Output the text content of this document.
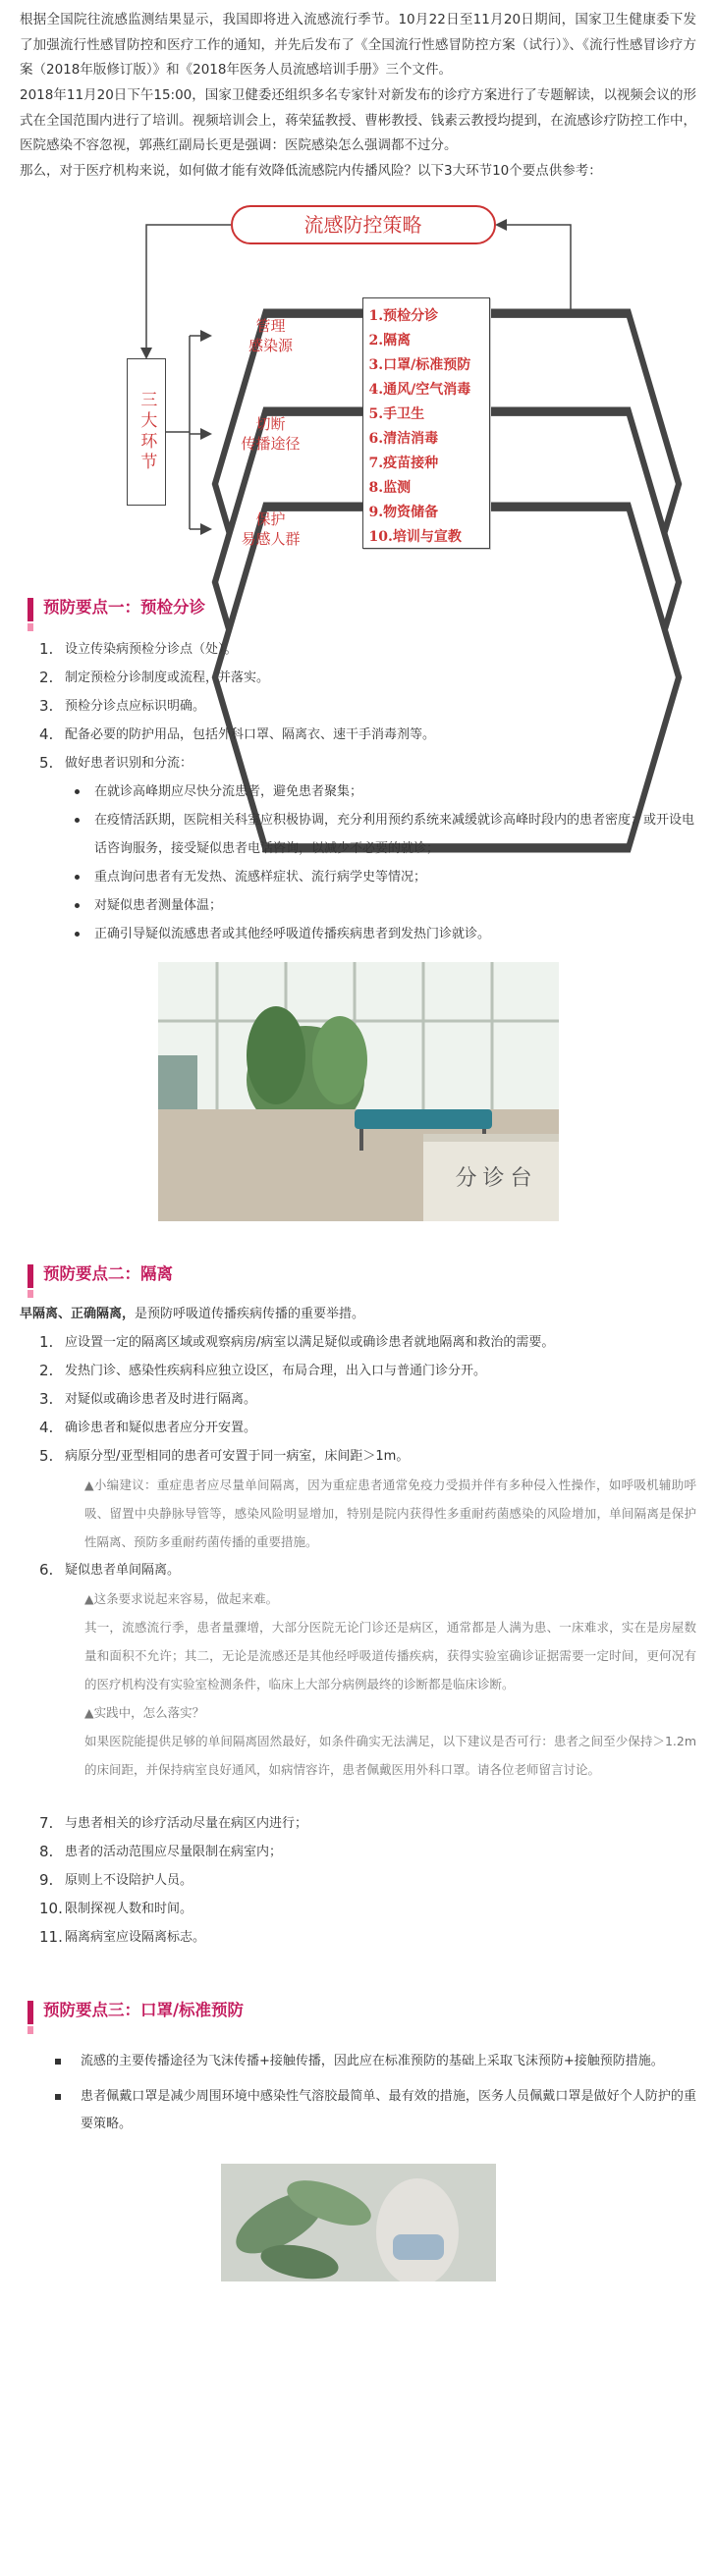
根据全国院往流感监测结果显示，我国即将进入流感流行季节。10月22日至11月20日期间，国家卫生健康委下发了加强流行性感冒防控和医疗工作的通知，并先后发布了《全国流行性感冒防控方案（试行）》、《流行性感冒诊疗方案（2018年版修订版）》和《2018年医务人员流感培训手册》三个文件。

2018年11月20日下午15:00，国家卫健委还组织多名专家针对新发布的诊疗方案进行了专题解读，以视频会议的形式在全国范围内进行了培训。视频培训会上，蒋荣猛教授、曹彬教授、钱素云教授均提到，在流感诊疗防控工作中，医院感染不容忽视，郭燕红副局长更是强调：医院感染怎么强调都不过分。

那么，对于医疗机构来说，如何做才能有效降低流感院内传播风险？以下3大环节10个要点供参考：

流感防控策略
三大环节
管理
感染源
切断
传播途径
保护
易感人群
1.预检分诊
2.隔离
3.口罩/标准预防
4.通风/空气消毒
5.手卫生
6.清洁消毒
7.疫苗接种
8.监测
9.物资储备
10.培训与宣教
预防要点一：预检分诊
1. 设立传染病预检分诊点（处）。
2. 制定预检分诊制度或流程，并落实。
3. 预检分诊点应标识明确。
4. 配备必要的防护用品，包括外科口罩、隔离衣、速干手消毒剂等。
5. 做好患者识别和分流：
在就诊高峰期应尽快分流患者，避免患者聚集；
在疫情活跃期，医院相关科室应积极协调，充分利用预约系统来减缓就诊高峰时段内的患者密度；或开设电话咨询服务，接受疑似患者电话咨询，以减少不必要的就诊；
重点询问患者有无发热、流感样症状、流行病学史等情况；
对疑似患者测量体温；
正确引导疑似流感患者或其他经呼吸道传播疾病患者到发热门诊就诊。
分诊台
预防要点二：隔离

早隔离、正确隔离，是预防呼吸道传播疾病传播的重要举措。

1. 应设置一定的隔离区域或观察病房/病室以满足疑似或确诊患者就地隔离和救治的需要。
2. 发热门诊、感染性疾病科应独立设区，布局合理，出入口与普通门诊分开。
3. 对疑似或确诊患者及时进行隔离。
4. 确诊患者和疑似患者应分开安置。
5. 病原分型/亚型相同的患者可安置于同一病室，床间距＞1m。

▲小编建议：重症患者应尽量单间隔离，因为重症患者通常免疫力受损并伴有多种侵入性操作，如呼吸机辅助呼吸、留置中央静脉导管等，感染风险明显增加，特别是院内获得性多重耐药菌感染的风险增加，单间隔离是保护性隔离、预防多重耐药菌传播的重要措施。

6. 疑似患者单间隔离。

▲这条要求说起来容易，做起来难。

其一，流感流行季，患者量骤增，大部分医院无论门诊还是病区，通常都是人满为患、一床难求，实在是房屋数量和面积不允许；其二，无论是流感还是其他经呼吸道传播疾病，获得实验室确诊证据需要一定时间，更何况有的医疗机构没有实验室检测条件，临床上大部分病例最终的诊断都是临床诊断。

▲实践中，怎么落实？

如果医院能提供足够的单间隔离固然最好，如条件确实无法满足，以下建议是否可行：患者之间至少保持＞1.2m的床间距，并保持病室良好通风，如病情容许，患者佩戴医用外科口罩。请各位老师留言讨论。

7. 与患者相关的诊疗活动尽量在病区内进行；
8. 患者的活动范围应尽量限制在病室内；
9. 原则上不设陪护人员。
10. 限制探视人数和时间。
11. 隔离病室应设隔离标志。
预防要点三：口罩/标准预防
流感的主要传播途径为飞沫传播+接触传播，因此应在标准预防的基础上采取飞沫预防+接触预防措施。
患者佩戴口罩是减少周围环境中感染性气溶胶最简单、最有效的措施，医务人员佩戴口罩是做好个人防护的重要策略。
